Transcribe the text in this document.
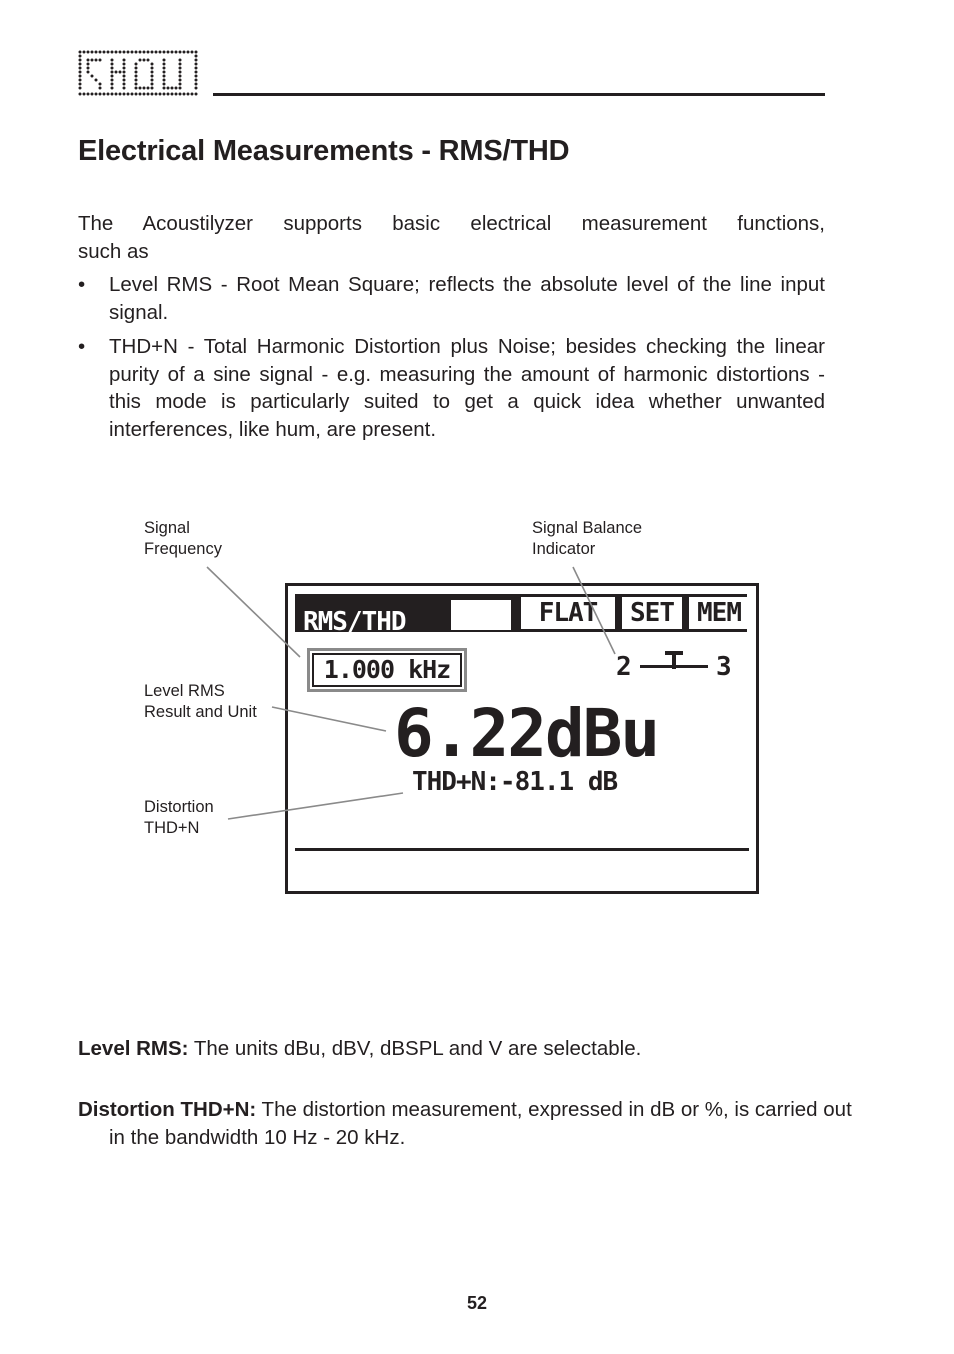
Electrical Measurements - RMS/THD
The Acoustilyzer supports basic electrical measurement functions,
such as
• Level RMS - Root Mean Square; reflects the absolute level of the line input signal.
• THD+N - Total Harmonic Distortion plus Noise; besides checking the linear purity of a sine signal - e.g. measuring the amount of harmonic distortions - this mode is particularly suited to get a quick idea whether unwanted interferences, like hum, are present.
Signal
Frequency
Signal Balance
Indicator
Level RMS
Result and Unit
Distortion
THD+N
RMS/THD	FLAT	SET MEM
1.000 kHz	2	3
6.22dBu
THD+N:-81.1 dB
Level RMS: The units dBu, dBV, dBSPL and V are selectable.
Distortion THD+N: The distortion measurement, expressed in dB or %, is carried out in the bandwidth 10 Hz - 20 kHz.
52
